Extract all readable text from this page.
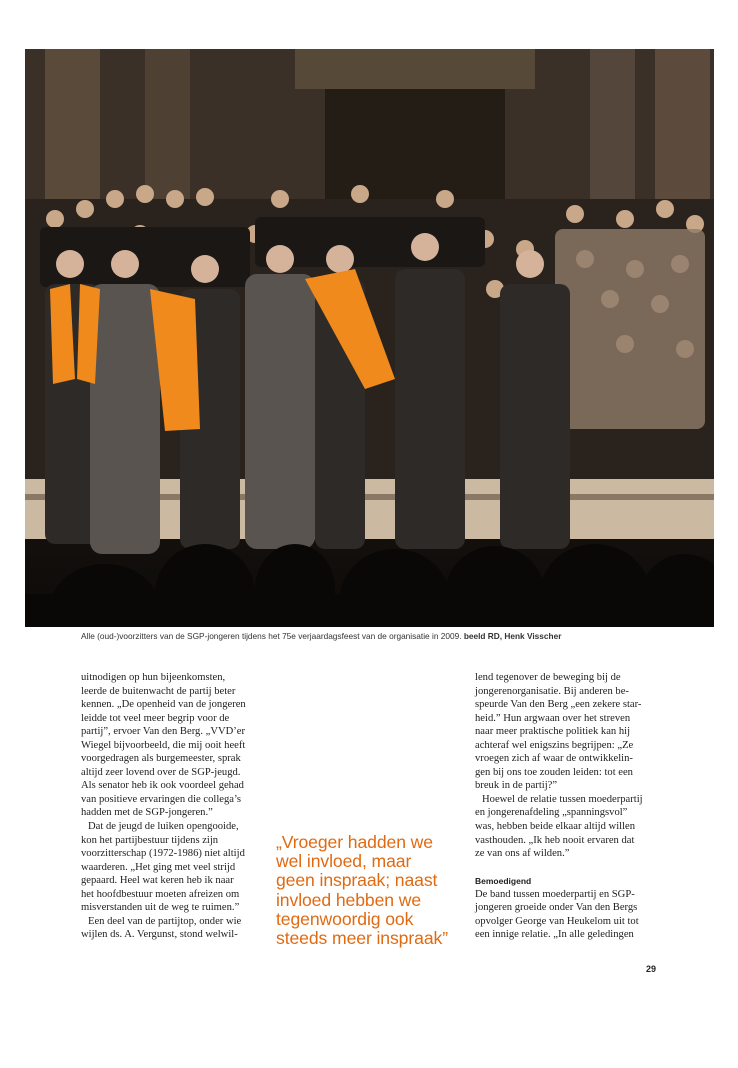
Alle (oud-)voorzitters van de SGP-jongeren tijdens het 75e verjaardagsfeest van de organisatie in 2009. beeld RD, Henk Visscher

uitnodigen op hun bijeenkomsten,
leerde de buitenwacht de partij beter
kennen. „De openheid van de jongeren
leidde tot veel meer begrip voor de
partij”, ervoer Van den Berg. „VVD’er
Wiegel bijvoorbeeld, die mij ooit heeft
voorgedragen als burgemeester, sprak
altijd zeer lovend over de SGP-jeugd.
Als senator heb ik ook voordeel gehad
van positieve ervaringen die collega’s
hadden met de SGP-jongeren.”

Dat de jeugd de luiken opengooide,
kon het partijbestuur tijdens zijn
voorzitterschap (1972-1986) niet altijd
waarderen. „Het ging met veel strijd
gepaard. Heel wat keren heb ik naar
het hoofdbestuur moeten afreizen om
misverstanden uit de weg te ruimen.”

Een deel van de partijtop, onder wie
wijlen ds. A. Vergunst, stond welwil-

„Vroeger hadden we
wel invloed, maar
geen inspraak; naast
invloed hebben we
tegenwoordig ook
steeds meer inspraak”

lend tegenover de beweging bij de
jongerenorganisatie. Bij anderen be-
speurde Van den Berg „een zekere star-
heid.” Hun argwaan over het streven
naar meer praktische politiek kan hij
achteraf wel enigszins begrijpen: „Ze
vroegen zich af waar de ontwikkelin-
gen bij ons toe zouden leiden: tot een
breuk in de partij?”

Hoewel de relatie tussen moederpartij
en jongerenafdeling „spanningsvol”
was, hebben beide elkaar altijd willen
vasthouden. „Ik heb nooit ervaren dat
ze van ons af wilden.”

Bemoedigend

De band tussen moederpartij en SGP-
jongeren groeide onder Van den Bergs
opvolger George van Heukelom uit tot
een innige relatie. „In alle geledingen

29
